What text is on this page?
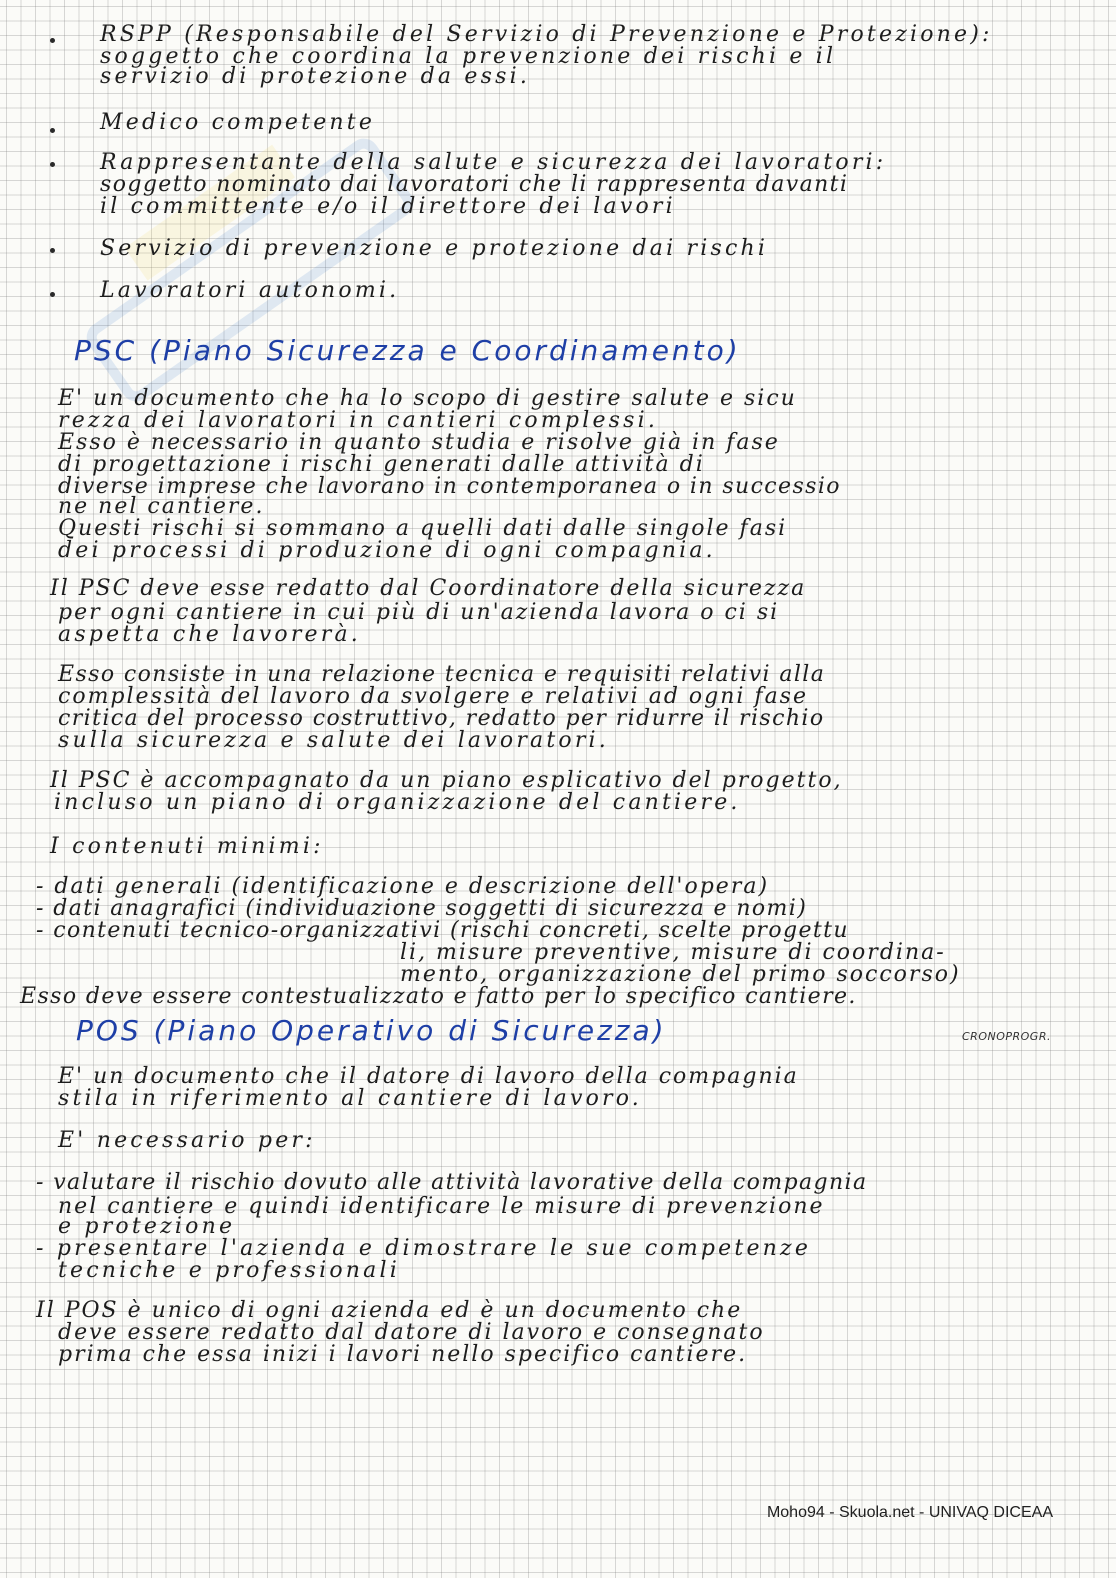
RSPP (Responsabile del Servizio di Prevenzione e Protezione):
soggetto che coordina la prevenzione dei rischi e il
servizio di protezione da essi.
Medico competente
Rappresentante della salute e sicurezza dei lavoratori:
soggetto nominato dai lavoratori che li rappresenta davanti
il committente e/o il direttore dei lavori
Servizio di prevenzione e protezione dai rischi
Lavoratori autonomi.
PSC (Piano Sicurezza e Coordinamento)
E' un documento che ha lo scopo di gestire salute e sicu
rezza dei lavoratori in cantieri complessi.
Esso è necessario in quanto studia e risolve già in fase
di progettazione i rischi generati dalle attività di
diverse imprese che lavorano in contemporanea o in successio
ne nel cantiere.
Questi rischi si sommano a quelli dati dalle singole fasi
dei processi di produzione di ogni compagnia.
Il PSC deve esse redatto dal Coordinatore della sicurezza
per ogni cantiere in cui più di un'azienda lavora o ci si
aspetta che lavorerà.
Esso consiste in una relazione tecnica e requisiti relativi alla
complessità del lavoro da svolgere e relativi ad ogni fase
critica del processo costruttivo, redatto per ridurre il rischio
sulla sicurezza e salute dei lavoratori.
Il PSC è accompagnato da un piano esplicativo del progetto,
incluso un piano di organizzazione del cantiere.
I contenuti minimi:
- dati generali (identificazione e descrizione dell'opera)
- dati anagrafici (individuazione soggetti di sicurezza e nomi)
- contenuti tecnico-organizzativi (rischi concreti, scelte progettu
li, misure preventive, misure di coordina-
mento, organizzazione del primo soccorso)
Esso deve essere contestualizzato e fatto per lo specifico cantiere.
POS (Piano Operativo di Sicurezza)	CRONOPROGR.
E' un documento che il datore di lavoro della compagnia
stila in riferimento al cantiere di lavoro.
E' necessario per:
- valutare il rischio dovuto alle attività lavorative della compagnia
nel cantiere e quindi identificare le misure di prevenzione
e protezione
- presentare l'azienda e dimostrare le sue competenze
tecniche e professionali
Il POS è unico di ogni azienda ed è un documento che
deve essere redatto dal datore di lavoro e consegnato
prima che essa inizi i lavori nello specifico cantiere.
Moho94 - Skuola.net - UNIVAQ DICEAA
